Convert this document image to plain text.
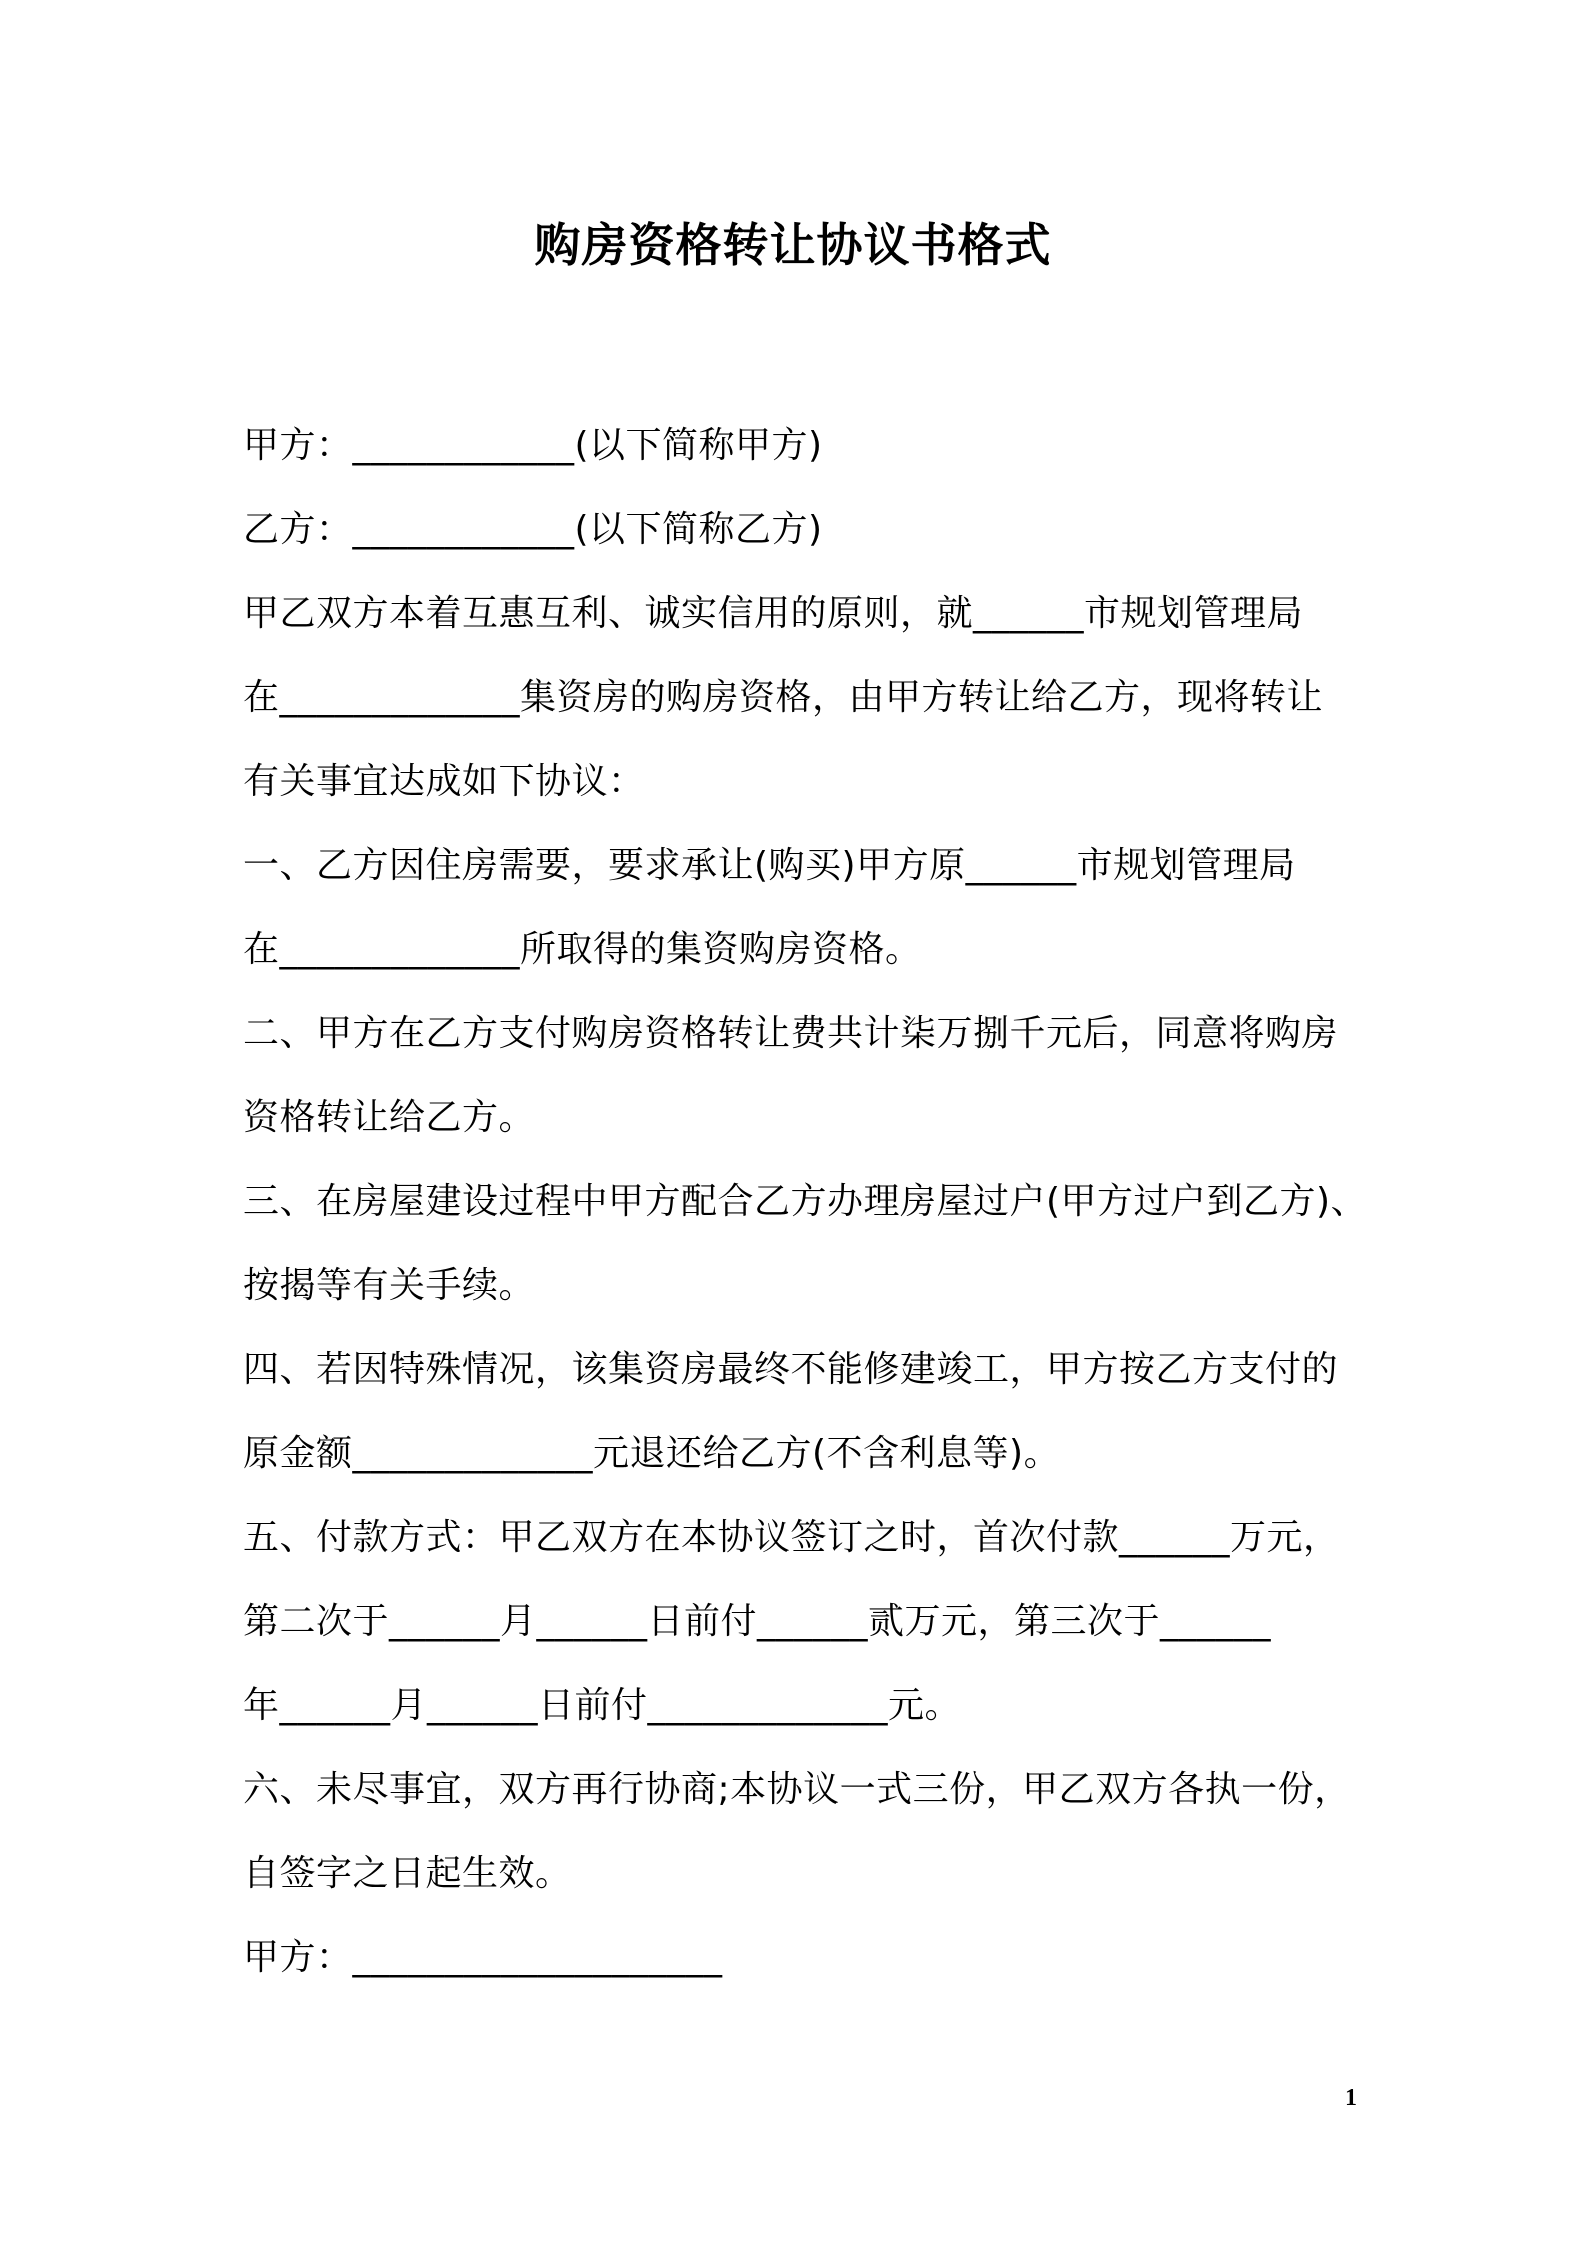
购房资格转让协议书格式
甲方：____________(以下简称甲方)
乙方：____________(以下简称乙方)
甲乙双方本着互惠互利、诚实信用的原则，就______市规划管理局
在_____________集资房的购房资格，由甲方转让给乙方，现将转让
有关事宜达成如下协议：
一、乙方因住房需要，要求承让(购买)甲方原______市规划管理局
在_____________所取得的集资购房资格。
二、甲方在乙方支付购房资格转让费共计柒万捌千元后，同意将购房
资格转让给乙方。
三、在房屋建设过程中甲方配合乙方办理房屋过户(甲方过户到乙方)、
按揭等有关手续。
四、若因特殊情况，该集资房最终不能修建竣工，甲方按乙方支付的
原金额_____________元退还给乙方(不含利息等)。
五、付款方式：甲乙双方在本协议签订之时，首次付款______万元，
第二次于______月______日前付______贰万元，第三次于______
年______月______日前付_____________元。
六、未尽事宜，双方再行协商;本协议一式三份，甲乙双方各执一份，
自签字之日起生效。
甲方：____________________
1
